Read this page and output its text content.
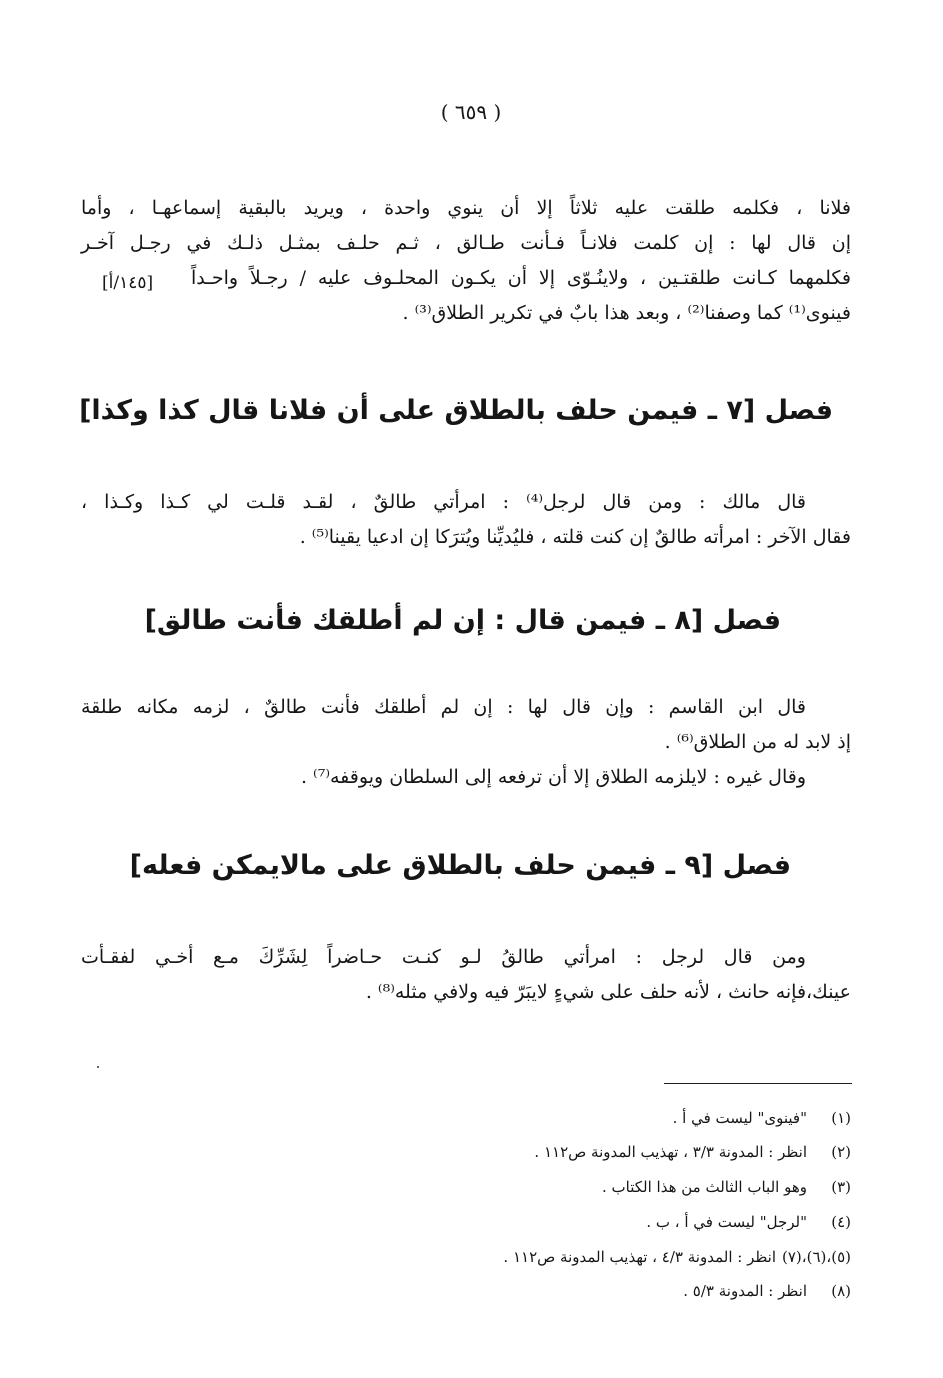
( ٦٥٩ )
فلانا ، فكلمه طلقت عليه ثلاثاً إلا أن ينوي واحدة ، ويريد بالبقية إسماعهـا ، وأما
إن قال لها : إن كلمت فلانـاً فـأنت طـالق ، ثـم حلـف بمثـل ذلـك في رجـل آخـر
فكلمهما كـانت طلقتـين ، ولاينُـوّى إلا أن يكـون المحلـوف عليه / رجـلاً واحـداً
فينوى⁽¹⁾ كما وصفنا⁽²⁾ ، وبعد هذا بابٌ في تكرير الطلاق⁽³⁾ .
[١٤٥/أ]
فصل [٧ ـ فيمن حلف بالطلاق على أن فلانا قال كذا وكذا]
قال مالك : ومن قال لرجل⁽⁴⁾ : امرأتي طالقٌ ، لقـد قلـت لي كـذا وكـذا ،
فقال الآخر : امرأته طالقٌ إن كنت قلته ، فليُديِّنا ويُترَكا إن ادعيا يقينا⁽⁵⁾ .
فصل [٨ ـ فيمن قال : إن لم أطلقك فأنت طالق]
قال ابن القاسم : وإن قال لها : إن لم أطلقك فأنت طالقٌ ، لزمه مكانه طلقة
إذ لابد له من الطلاق⁽⁶⁾ .
وقال غيره : لايلزمه الطلاق إلا أن ترفعه إلى السلطان ويوقفه⁽⁷⁾ .
فصل [٩ ـ فيمن حلف بالطلاق على مالايمكن فعله]
ومن قال لرجل : امرأتي طالقُ لـو كنـت حـاضراً لِشَرِّكَ مـع أخـي لفقـأت
عينك،فإنه حانث ، لأنه حلف على شيءٍ لايبَرّ فيه ولافي مثله⁽⁸⁾ .
(١)"فينوى" ليست في أ .
(٢)انظر : المدونة ٣/٣ ، تهذيب المدونة ص١١٢ .
(٣)وهو الباب الثالث من هذا الكتاب .
(٤)"لرجل" ليست في أ ، ب .
(٥)،(٦)،(٧)انظر : المدونة ٤/٣ ، تهذيب المدونة ص١١٢ .
(٨)انظر : المدونة ٥/٣ .
